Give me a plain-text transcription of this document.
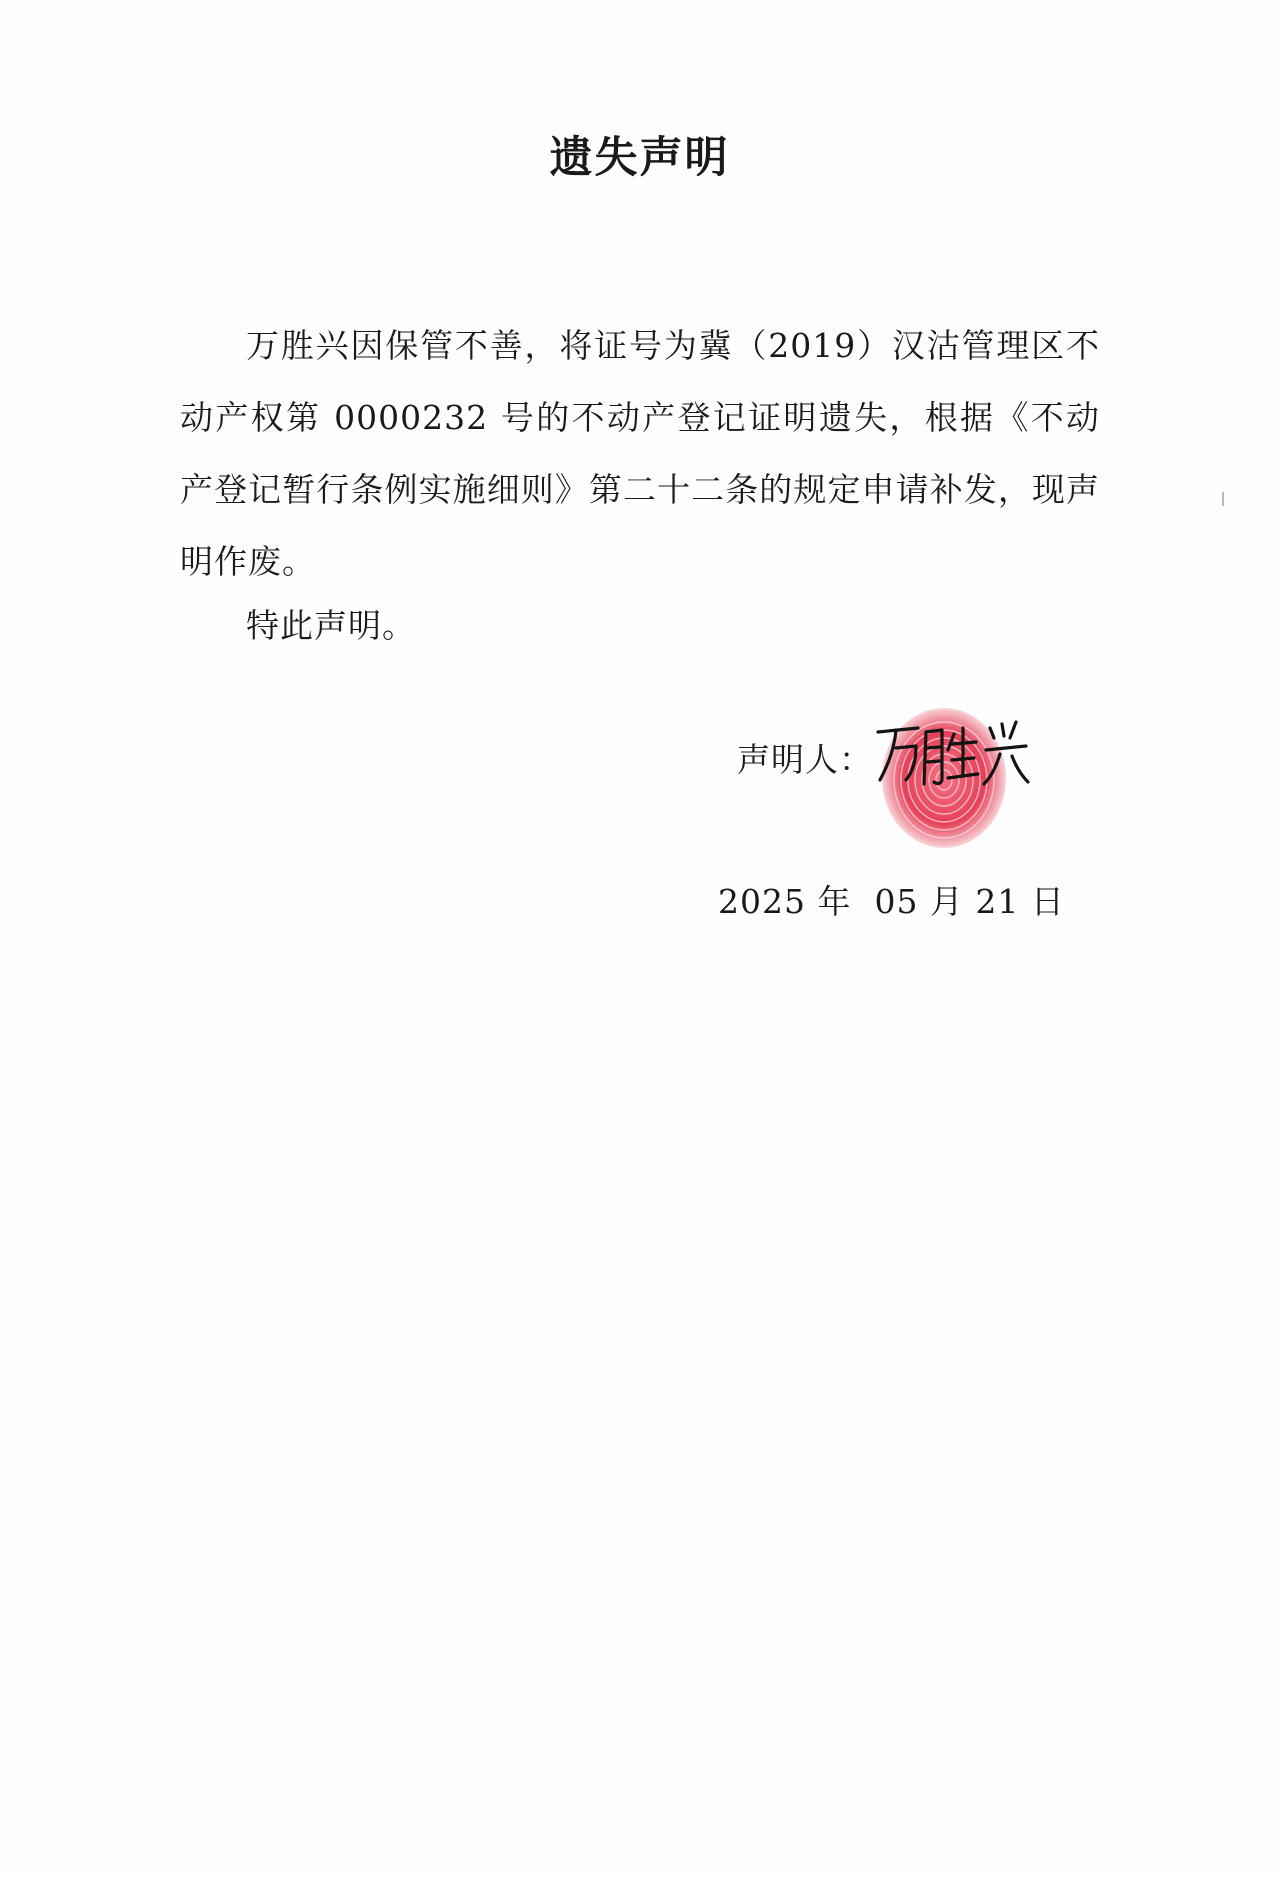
遗失声明

万胜兴因保管不善，将证号为冀（2019）汉沽管理区不动产权第 0000232 号的不动产登记证明遗失，根据《不动产登记暂行条例实施细则》第二十二条的规定申请补发，现声明作废。

特此声明。
声明人：
2025 年  05 月 21 日
